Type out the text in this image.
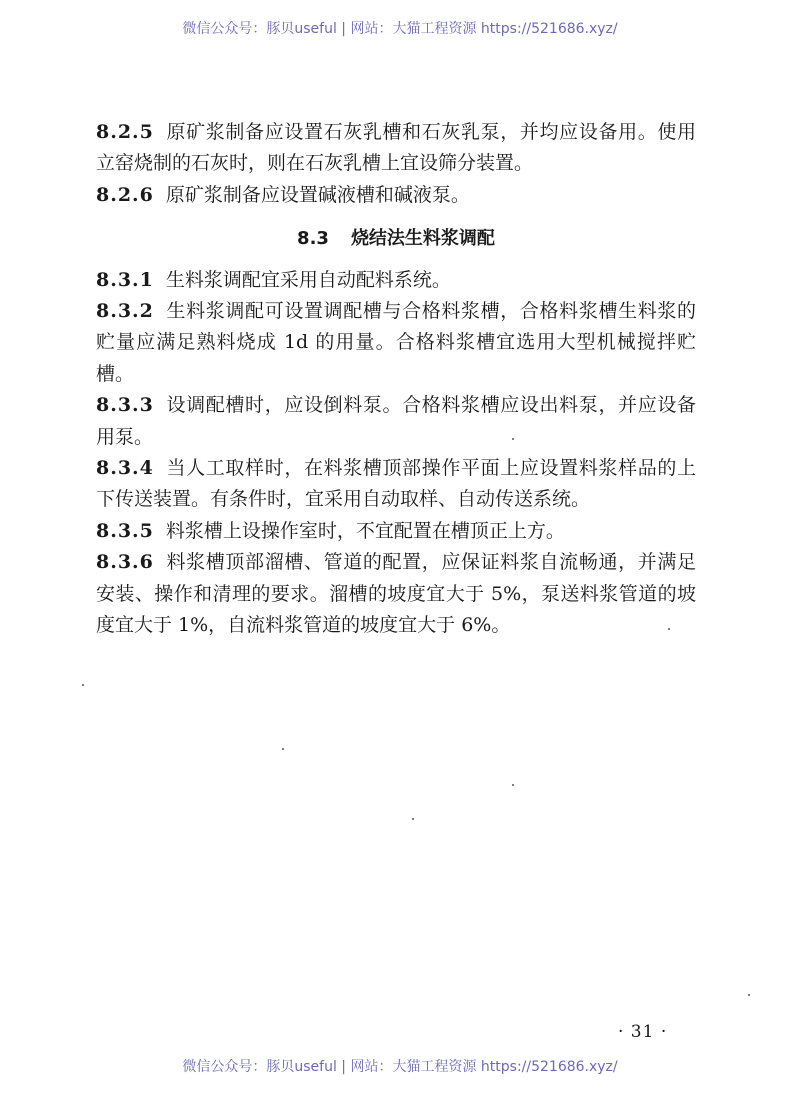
微信公众号：豚贝useful | 网站：大猫工程资源 https://521686.xyz/

8.2.5 原矿浆制备应设置石灰乳槽和石灰乳泵，并均应设备用。使用立窑烧制的石灰时，则在石灰乳槽上宜设筛分装置。

8.2.6 原矿浆制备应设置碱液槽和碱液泵。

8.3 烧结法生料浆调配

8.3.1 生料浆调配宜采用自动配料系统。

8.3.2 生料浆调配可设置调配槽与合格料浆槽，合格料浆槽生料浆的贮量应满足熟料烧成 1d 的用量。合格料浆槽宜选用大型机械搅拌贮槽。

8.3.3 设调配槽时，应设倒料泵。合格料浆槽应设出料泵，并应设备用泵。

8.3.4 当人工取样时，在料浆槽顶部操作平面上应设置料浆样品的上下传送装置。有条件时，宜采用自动取样、自动传送系统。

8.3.5 料浆槽上设操作室时，不宜配置在槽顶正上方。

8.3.6 料浆槽顶部溜槽、管道的配置，应保证料浆自流畅通，并满足安装、操作和清理的要求。溜槽的坡度宜大于 5%，泵送料浆管道的坡度宜大于 1%，自流料浆管道的坡度宜大于 6%。

· 31 ·
微信公众号：豚贝useful | 网站：大猫工程资源 https://521686.xyz/
